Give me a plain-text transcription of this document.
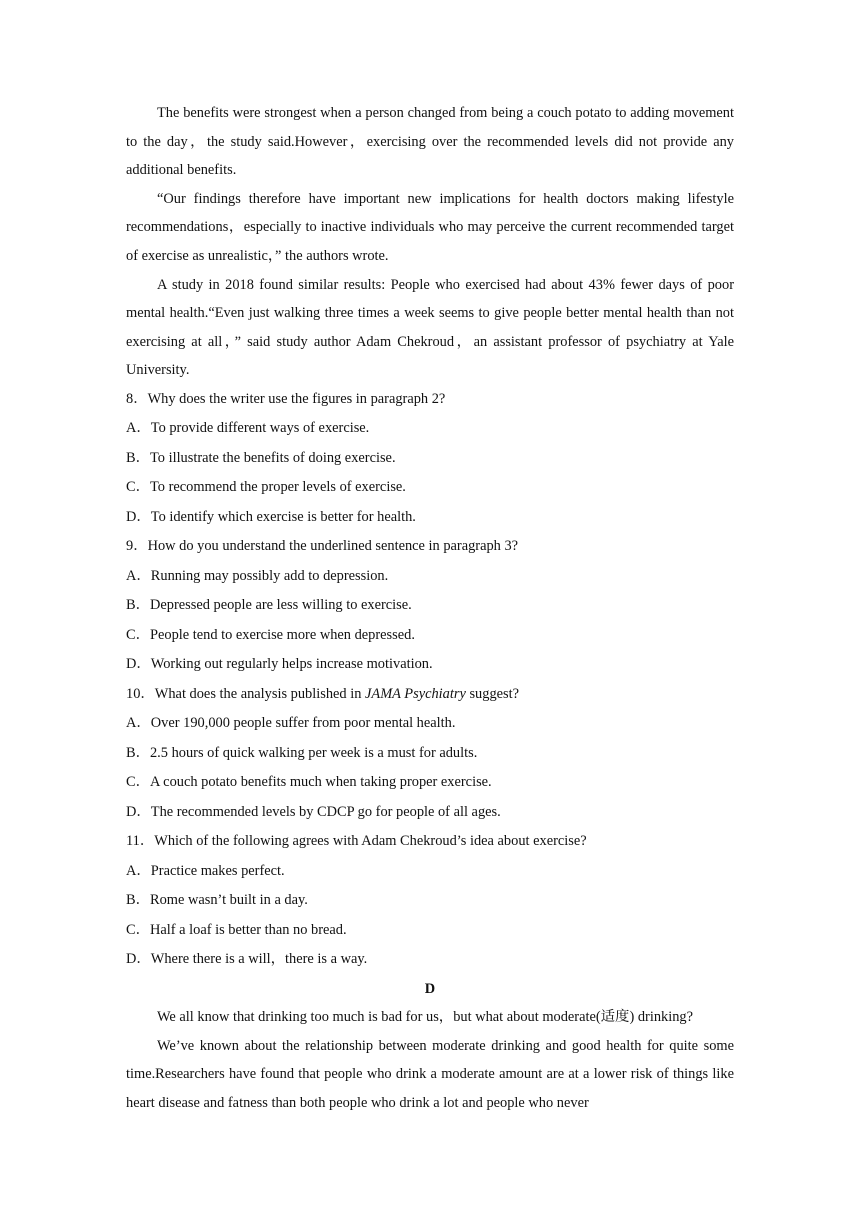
The benefits were strongest when a person changed from being a couch potato to adding movement to the day，the study said.However，exercising over the recommended levels did not provide any additional benefits.

“Our findings therefore have important new implications for health doctors making lifestyle recommendations，especially to inactive individuals who may perceive the current recommended target of exercise as unrealistic，” the authors wrote.

A study in 2018 found similar results: People who exercised had about 43% fewer days of poor mental health.“Even just walking three times a week seems to give people better mental health than not exercising at all，” said study author Adam Chekroud，an assistant professor of psychiatry at Yale University.

8．Why does the writer use the figures in paragraph 2?

A．To provide different ways of exercise.

B．To illustrate the benefits of doing exercise.

C．To recommend the proper levels of exercise.

D．To identify which exercise is better for health.

9．How do you understand the underlined sentence in paragraph 3?

A．Running may possibly add to depression.

B．Depressed people are less willing to exercise.

C．People tend to exercise more when depressed.

D．Working out regularly helps increase motivation.

10．What does the analysis published in JAMA Psychiatry suggest?

A．Over 190,000 people suffer from poor mental health.

B．2.5 hours of quick walking per week is a must for adults.

C．A couch potato benefits much when taking proper exercise.

D．The recommended levels by CDCP go for people of all ages.

11．Which of the following agrees with Adam Chekroud’s idea about exercise?

A．Practice makes perfect.

B．Rome wasn’t built in a day.

C．Half a loaf is better than no bread.

D．Where there is a will，there is a way.

D

We all know that drinking too much is bad for us，but what about moderate(适度) drinking?

We’ve known about the relationship between moderate drinking and good health for quite some time.Researchers have found that people who drink a moderate amount are at a lower risk of things like heart disease and fatness than both people who drink a lot and people who never
